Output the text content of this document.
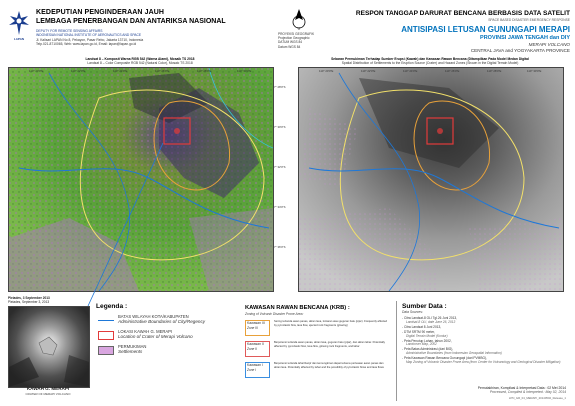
LAPAN
KEDEPUTIAN PENGINDERAAN JAUH
LEMBAGA PENERBANGAN DAN ANTARIKSA NASIONAL
DEPUTY FOR REMOTE SENSING AFFAIRS
INDONESIAN NATIONAL INSTITUTE OF AERONAUTICS AND SPACE
Jl. Kalisari LAPAN No 8, Pekayon, Pasar Rebo, Jakarta 13710, Indonesia
Telp.021-8710065, Web: www.lapan.go.id, Email: lapan@lapan.go.id
U
PROYEKSI GEOGRAFIK
Projection Geographic
DATUM WGS 84
Datum WGS 84
RESPON TANGGAP DARURAT BENCANA BERBASIS DATA SATELIT
SPACE BASED DISASTER EMERGENCY RESPONSE
ANTISIPASI LETUSAN GUNUNGAPI MERAPI
PROVINSI JAWA TENGAH dan DIY
MERAPI VOLCANO
CENTRAL JAVA and YOGYAKARTA PROVINCE
Landsat 8 – Komposit Warna RGB 542 (Warna Alami), Mosaik TS 2018
Landsat 8 – Color Composite RGB 542 (Natural Color), Mosaic TS 2018
Sebaran Permukiman Terhadap Sumber Erupsi (Kawah) dan Kawasan Rawan Bencana (Ditampilkan Pada Model Medan Digital
Spatial Distribution of Settlements to the Eruption Source (Crater) and Hazard Zones (Shown in the Digital Terrain Model)
110° 20'0"E	110° 22'0"E	110° 24'0"E	110° 26'0"E	110° 28'0"E	110° 30'0"E	110° 20'0"E	110° 22'0"E	110° 24'0"E	110° 26'0"E	110° 28'0"E	110° 30'0"E
7° 28'0"S
7° 30'0"S
7° 32'0"S
7° 34'0"S
7° 36'0"S
Pleiades, 3 September 2013
Pleiades, September 3, 2013
KAWAH G. MERAPI
CRATER OF MERAPI VOLCANO
Legenda :
BATAS WILAYAH KOTA/KABUPATEN
Administrative Boundaries of City/Regency
LOKASI KAWAH G. MERAPI
Location of Crater of Merapi Volcano
PERMUKIMAN
Settlements
KAWASAN RAWAN BENCANA (KRB) :
Zoning of Volcanic Disaster Prone Area:
Kawasan III
Zone III
Sering terlanda awan panas, aliran lava, lontaran atau guguran batu (pijar). Frequently affected by pyroclastic flow, lava flow, ejected rock fragments (glowing)
Kawasan II
Zone II
Berpotensi terlanda awan panas, aliran lava, guguran batu (pijar), dan aliran lahar. Potentially affected by pyroclastic flow, lava flow, glowing rock fragments, and lahar
Kawasan I
Zone I
Berpotensi terlanda lahar/banjir dan kemungkinan dapat terkena perluasan awan panas dan aliran lava. Potentially affected by lahar and the possibility of pyroclastic flows and lava flows
Sumber Data :
Data Sources:
- Citra Landsat-8 OLI Tgl.26 Juni 2013,
Landsat-8 OLI, date June 26, 2013
- Citra Landsat 8 Juni 2013,
- DTM SRTM 90 meter,
Digital Terrain Model (Kontur)
- Peta Penutup Lahan, tahun 2002,
Landcover Map, 2002
- Peta Batas Administrasi (dari BIG),
Administrative Boundaries (from Indonesian Geospatial Information)
- Peta Kawasan Rawan Bencana Gunungapi (dari PVMBG),
Map Zoning of Volcanic Disaster Prone Area (from Center for Volcanology and Geological Disaster Mitigation)
Pemutakhiran, Kompilasi & Interpretasi Data : 02 Mei 2014
Processed, Compiled & Interpreted : May 02, 2014
LPN_GR_04_MERAPI_20140502_Release_1
